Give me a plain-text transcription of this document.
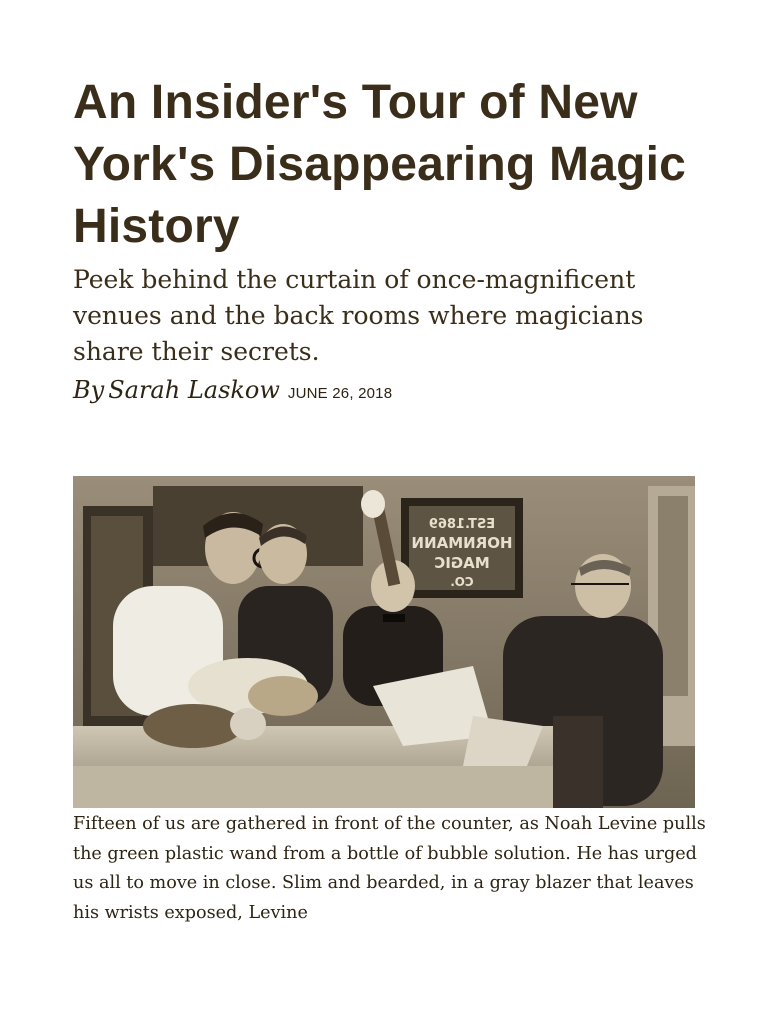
An Insider's Tour of New York's Disappearing Magic History

Peek behind the curtain of once-magnificent venues and the back rooms where magicians share their secrets.

By Sarah Laskow JUNE 26, 2018
EST.1869
HORNMANN
MAGIC
CO.

Fifteen of us are gathered in front of the counter, as Noah Levine pulls the green plastic wand from a bottle of bubble solution. He has urged us all to move in close. Slim and bearded, in a gray blazer that leaves his wrists exposed, Levine
